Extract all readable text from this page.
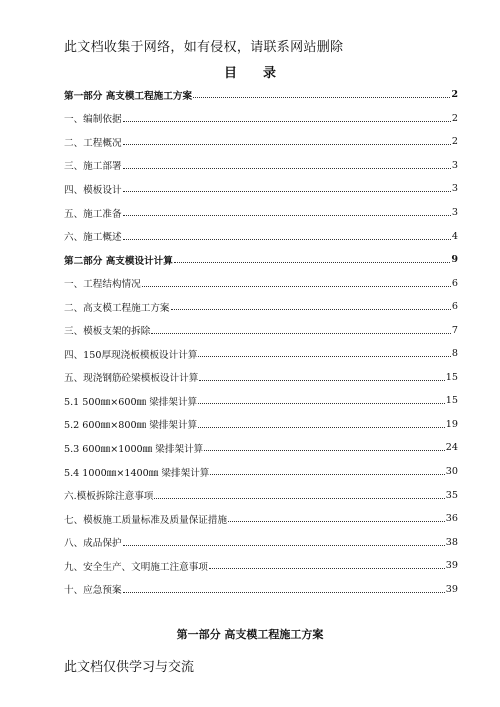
此文档收集于网络，如有侵权，请联系网站删除
目　　录
第一部分 高支模工程施工方案	2
一、编制依据	2
二、工程概况	2
三、施工部署	3
四、模板设计	3
五、施工准备	3
六、施工概述	4
第二部分 高支模设计计算	9
一、工程结构情况	6
二、高支模工程施工方案	6
三、模板支架的拆除	7
四、150厚现浇板模板设计计算	8
五、现浇钢筋砼梁模板设计计算	15
5.1 500㎜×600㎜ 梁排架计算	15
5.2 600㎜×800㎜ 梁排架计算	19
5.3 600㎜×1000㎜ 梁排架计算	24
5.4 1000㎜×1400㎜ 梁排架计算	30
六.模板拆除注意事项	35
七、模板施工质量标准及质量保证措施	36
八、成品保护	38
九、安全生产、文明施工注意事项	39
十、应急预案	39
第一部分 高支模工程施工方案
此文档仅供学习与交流
